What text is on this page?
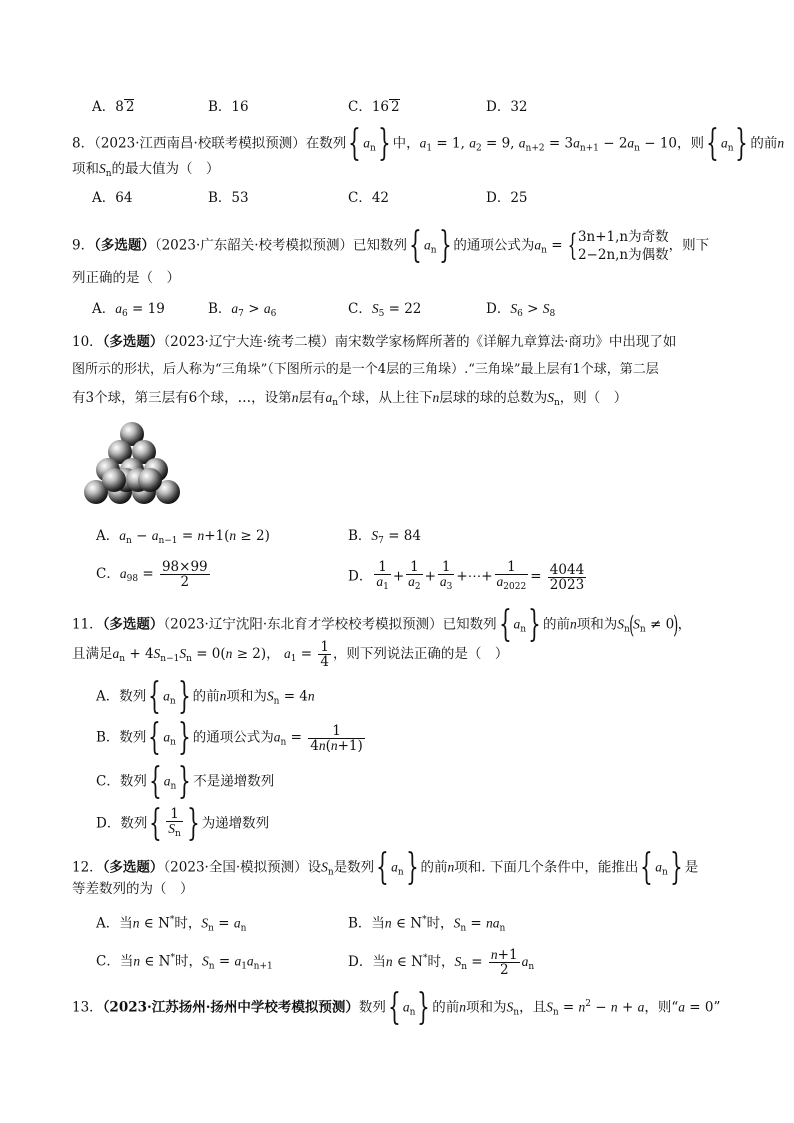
A．8 2	B．16	C．16 2	D．32
8．（2023·江西南昌·校联考模拟预测）在数列{ $a_n$} 中，$a_1 = 1$, $a_2 = 9$, $a_{n+2} = 3a_{n+1} - 2a_n - 10$，则{ $a_n$} 的前n
项和$S_n$的最大值为（　）
A．64	B．53	C．42	D．25
9．（多选题）（2023·广东韶关·校考模拟预测）已知数列{ $a_n$} 的通项公式为$a_n$ = { 3n+1,n为奇数
2−2n,n为偶数
，则下
列正确的是（　）
A．$a_6 = 19$	B．$a_7 > a_6$	C．$S_5 = 22$	D．$S_6 > S_8$
10．（多选题）（2023·辽宁大连·统考二模）南宋数学家杨辉所著的《详解九章算法·商功》中出现了如
图所示的形状，后人称为“三角垛”（下图所示的是一个4层的三角垛）.“三角垛”最上层有1个球，第二层
有3个球，第三层有6个球，…，设第n层有$a_n$个球，从上往下n层球的球的总数为$S_n$，则（　）
A．$a_n - a_{n-1} = n+1(n \ge 2)$	B．$S_7 = 84$
C．$a_{98} = \frac{98\times 99}{2}$	D． $\frac{1}{a_1} + \frac{1}{a_2} + \frac{1}{a_3}$ +⋯+ $\frac{1}{a_{2022}} = \frac{4044}{2023}$
11．（多选题）（2023·辽宁沈阳·东北育才学校校考模拟预测）已知数列{ $a_n$} 的前n项和为$S_n(S_n \ne 0)$，
且满足$a_n + 4S_{n-1}S_n = 0(n \ge 2)$， $a_1 = \frac{1}{4}$ ，则下列说法正确的是（　）
A．数列{ $a_n$} 的前n项和为$S_n = 4n$
B．数列{ $a_n$} 的通项公式为$a_n = \frac{1}{4n(n+1)}$
C．数列{ $a_n$} 不是递增数列
D．数列{ $\frac{1}{S_n}$ } 为递增数列
12．（多选题）（2023·全国·模拟预测）设$S_n$是数列{ $a_n$} 的前n项和. 下面几个条件中，能推出{ $a_n$} 是
等差数列的为（　）
A．当n ∈ N*时，$S_n = a_n$	B．当n ∈ N*时，$S_n = na_n$
C．当n ∈ N*时，$S_n = a_1a_{n+1}$	D．当n ∈ N*时，$S_n = \frac{n+1}{2} a_n$
13．（2023·江苏扬州·扬州中学校考模拟预测）数列{ $a_n$} 的前n项和为$S_n$，且$S_n = n^2 - n + a$，则“a = 0”
